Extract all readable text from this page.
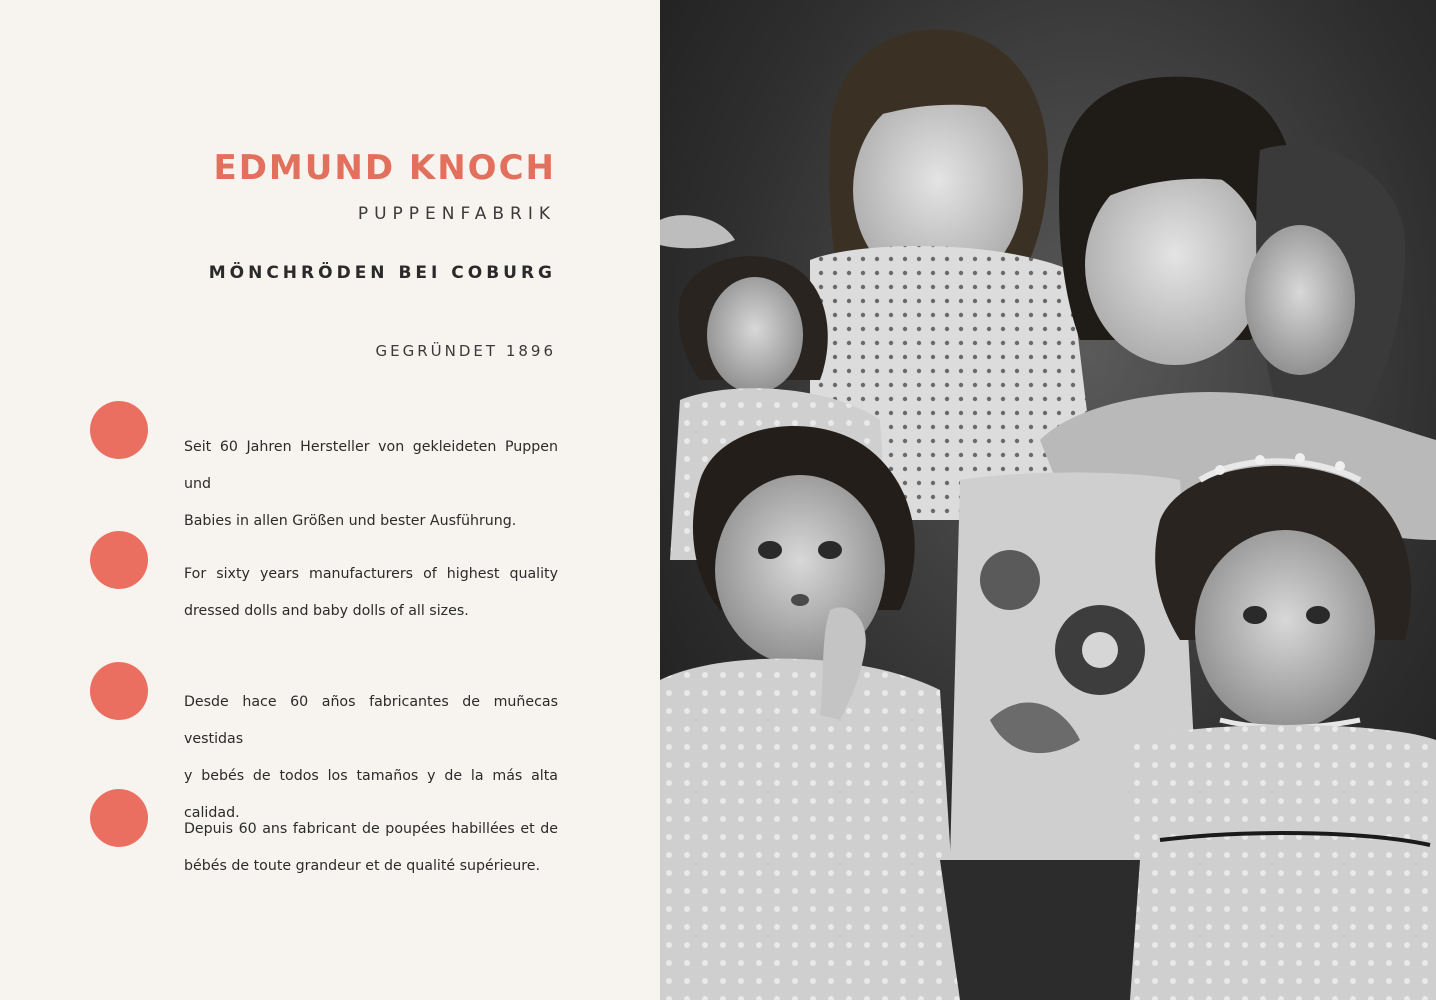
EDMUND KNOCH
PUPPENFABRIK
MÖNCHRÖDEN BEI COBURG
GEGRÜNDET 1896
Seit 60 Jahren Hersteller von gekleideten Puppen und
Babies in allen Größen und bester Ausführung.
For sixty years manufacturers of highest quality
dressed dolls and baby dolls of all sizes.
Desde hace 60 años fabricantes de muñecas vestidas
y bebés de todos los tamaños y de la más alta calidad.
Depuis 60 ans fabricant de poupées habillées et de
bébés de toute grandeur et de qualité supérieure.
